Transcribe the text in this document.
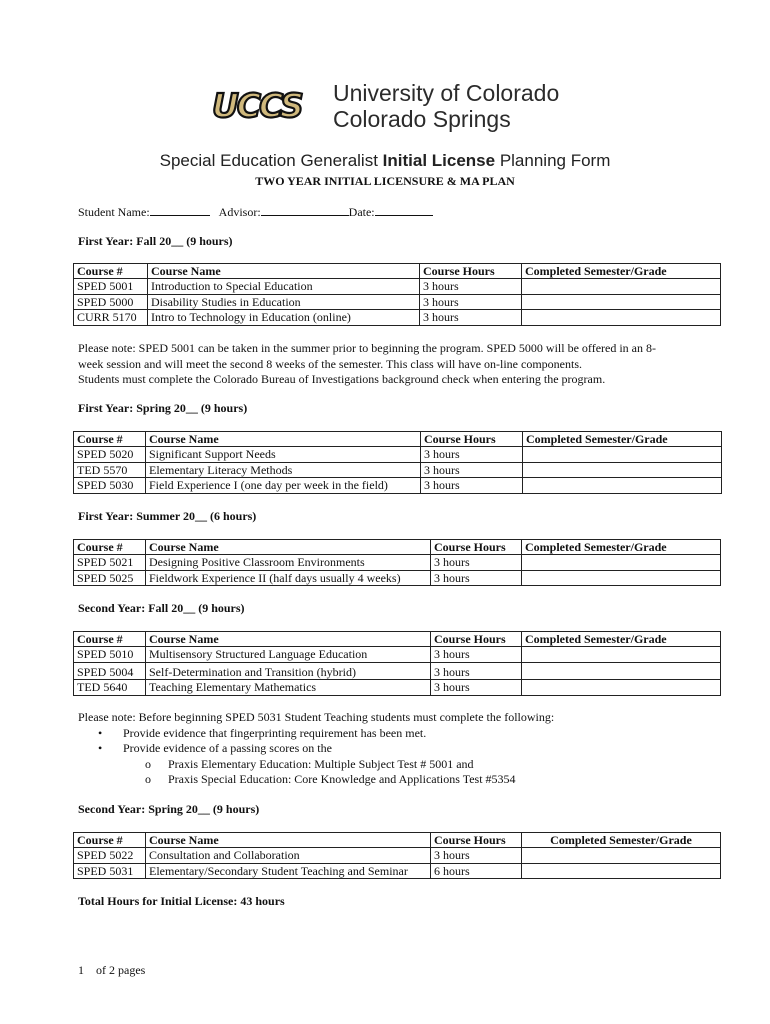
UCCS	University of Colorado
Colorado Springs
Special Education Generalist Initial License Planning Form
TWO YEAR INITIAL LICENSURE & MA PLAN
Student Name:	Advisor:	Date:
First Year: Fall 20__ (9 hours)
Course #	Course Name	Course Hours	Completed Semester/Grade
SPED 5001	Introduction to Special Education	3 hours	
SPED 5000	Disability Studies in Education	3 hours	
CURR 5170	Intro to Technology in Education (online)	3 hours	
Please note: SPED 5001 can be taken in the summer prior to beginning the program. SPED 5000 will be offered in an 8-
week session and will meet the second 8 weeks of the semester. This class will have on-line components.
Students must complete the Colorado Bureau of Investigations background check when entering the program.
First Year: Spring 20__ (9 hours)
Course #	Course Name	Course Hours	Completed Semester/Grade
SPED 5020	Significant Support Needs	3 hours	
TED 5570	Elementary Literacy Methods	3 hours	
SPED 5030	Field Experience I (one day per week in the field)	3 hours	
First Year: Summer 20__ (6 hours)
Course #	Course Name	Course Hours	Completed Semester/Grade
SPED 5021	Designing Positive Classroom Environments	3 hours	
SPED 5025	Fieldwork Experience II (half days usually 4 weeks)	3 hours	
Second Year: Fall 20__ (9 hours)
Course #	Course Name	Course Hours	Completed Semester/Grade
SPED 5010	Multisensory Structured Language Education	3 hours	
SPED 5004	Self-Determination and Transition (hybrid)	3 hours	
TED 5640	Teaching Elementary Mathematics	3 hours	
Please note: Before beginning SPED 5031 Student Teaching students must complete the following:
• Provide evidence that fingerprinting requirement has been met.
• Provide evidence of a passing scores on the
o Praxis Elementary Education: Multiple Subject Test # 5001 and
o Praxis Special Education: Core Knowledge and Applications Test #5354
Second Year: Spring 20__ (9 hours)
Course #	Course Name	Course Hours	Completed Semester/Grade
SPED 5022	Consultation and Collaboration	3 hours	
SPED 5031	Elementary/Secondary Student Teaching and Seminar	6 hours	
Total Hours for Initial License: 43 hours
1 of 2 pages
